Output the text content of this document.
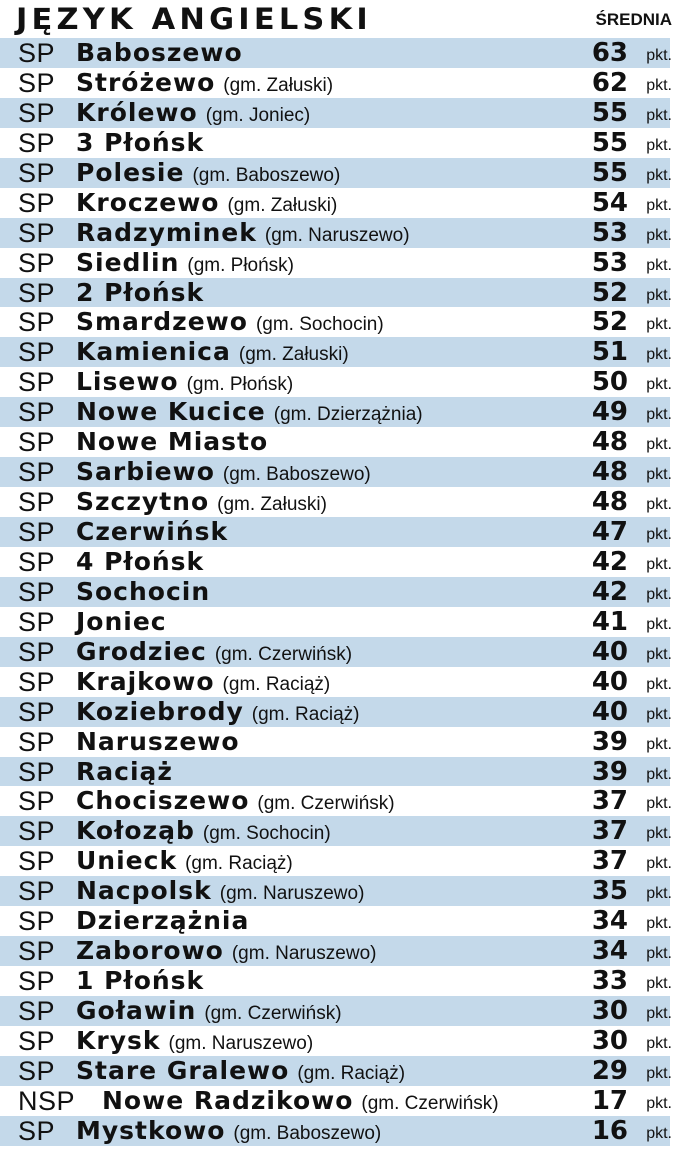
JĘZYK ANGIELSKI	ŚREDNIA
SP Baboszewo	63 pkt.
SP Stróżewo (gm. Załuski)	62 pkt.
SP Królewo (gm. Joniec)	55 pkt.
SP 3 Płońsk	55 pkt.
SP Polesie (gm. Baboszewo)	55 pkt.
SP Kroczewo (gm. Załuski)	54 pkt.
SP Radzyminek (gm. Naruszewo)	53 pkt.
SP Siedlin (gm. Płońsk)	53 pkt.
SP 2 Płońsk	52 pkt.
SP Smardzewo (gm. Sochocin)	52 pkt.
SP Kamienica (gm. Załuski)	51 pkt.
SP Lisewo (gm. Płońsk)	50 pkt.
SP Nowe Kucice (gm. Dzierzążnia)	49 pkt.
SP Nowe Miasto	48 pkt.
SP Sarbiewo (gm. Baboszewo)	48 pkt.
SP Szczytno (gm. Załuski)	48 pkt.
SP Czerwińsk	47 pkt.
SP 4 Płońsk	42 pkt.
SP Sochocin	42 pkt.
SP Joniec	41 pkt.
SP Grodziec (gm. Czerwińsk)	40 pkt.
SP Krajkowo (gm. Raciąż)	40 pkt.
SP Koziebrody (gm. Raciąż)	40 pkt.
SP Naruszewo	39 pkt.
SP Raciąż	39 pkt.
SP Chociszewo (gm. Czerwińsk)	37 pkt.
SP Kołoząb (gm. Sochocin)	37 pkt.
SP Unieck (gm. Raciąż)	37 pkt.
SP Nacpolsk (gm. Naruszewo)	35 pkt.
SP Dzierzążnia	34 pkt.
SP Zaborowo (gm. Naruszewo)	34 pkt.
SP 1 Płońsk	33 pkt.
SP Goławin (gm. Czerwińsk)	30 pkt.
SP Krysk (gm. Naruszewo)	30 pkt.
SP Stare Gralewo (gm. Raciąż)	29 pkt.
NSP Nowe Radzikowo (gm. Czerwińsk)	17 pkt.
SP Mystkowo (gm. Baboszewo)	16 pkt.
